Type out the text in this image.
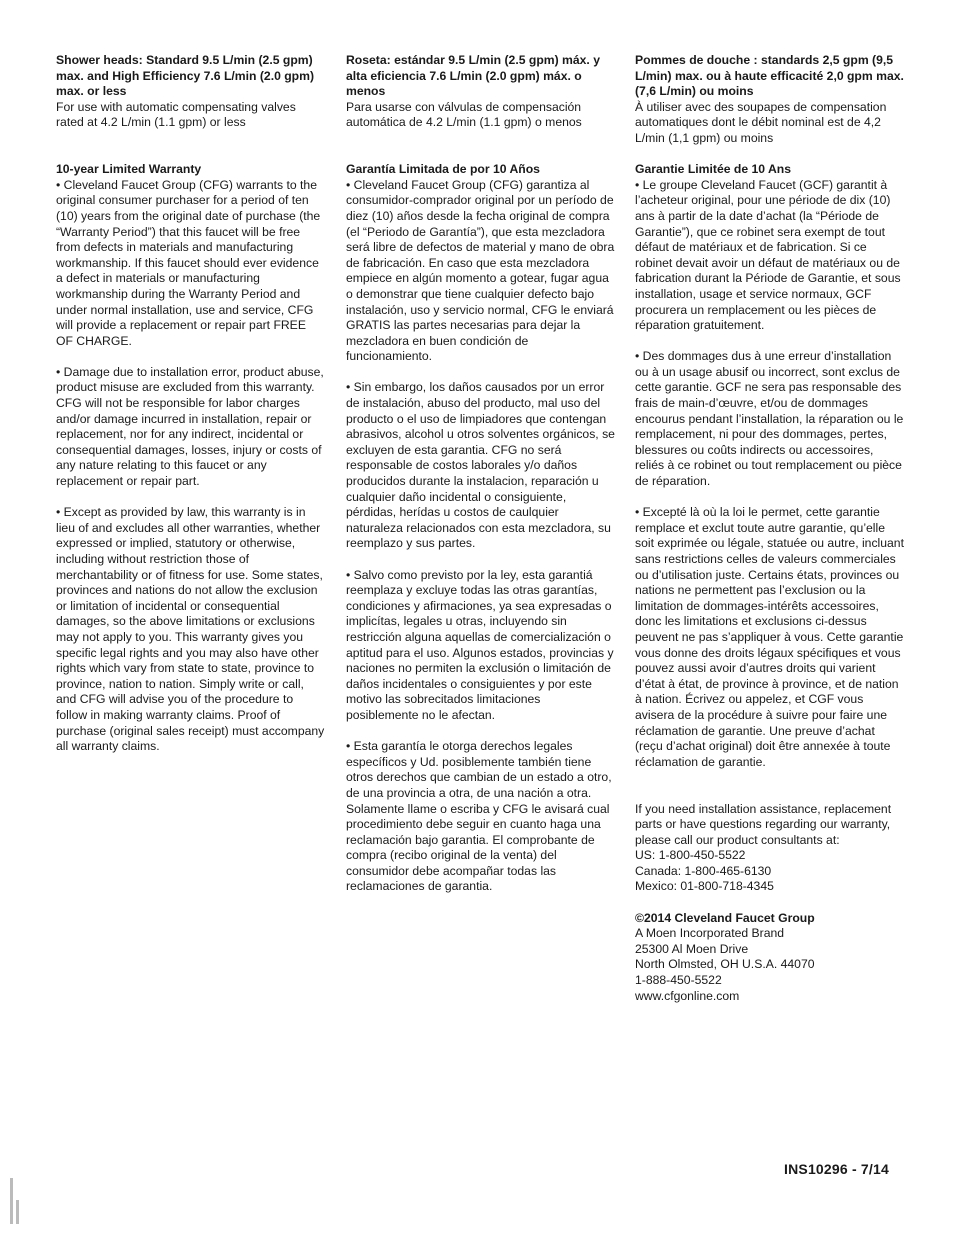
Shower heads: Standard 9.5 L/min (2.5 gpm) max. and High Efficiency 7.6 L/min (2.0 gpm) max. or less
For use with automatic compensating valves rated at 4.2 L/min (1.1 gpm) or less
10-year Limited Warranty
• Cleveland Faucet Group (CFG) warrants to the original consumer purchaser for a period of ten (10) years from the original date of purchase (the “Warranty Period”) that this faucet will be free from defects in materials and manufacturing workmanship. If this faucet should ever evidence a defect in materials or manufacturing workmanship during the Warranty Period and under normal installation, use and service, CFG will provide a replacement or repair part FREE OF CHARGE.
• Damage due to installation error, product abuse, product misuse are excluded from this warranty. CFG will not be responsible for labor charges and/or damage incurred in installation, repair or replacement, nor for any indirect, incidental or consequential damages, losses, injury or costs of any nature relating to this faucet or any replacement or repair part.
• Except as provided by law, this warranty is in lieu of and excludes all other warranties, whether expressed or implied, statutory or otherwise, including without restriction those of merchantability or of fitness for use. Some states, provinces and nations do not allow the exclusion or limitation of incidental or consequential damages, so the above limitations or exclusions may not apply to you. This warranty gives you specific legal rights and you may also have other rights which vary from state to state, province to province, nation to nation. Simply write or call, and CFG will advise you of the procedure to follow in making warranty claims. Proof of purchase (original sales receipt) must accompany all warranty claims.
Roseta: estándar 9.5 L/min (2.5 gpm) máx. y alta eficiencia 7.6 L/min (2.0 gpm) máx. o menos
Para usarse con válvulas de compensación automática de 4.2 L/min (1.1 gpm) o menos
Garantía Limitada de por 10 Años
• Cleveland Faucet Group (CFG) garantiza al consumidor-comprador original por un período de diez (10) años desde la fecha original de compra (el “Periodo de Garantía”), que esta mezcladora será libre de defectos de material y mano de obra de fabricación. En caso que esta mezcladora empiece en algún momento a gotear, fugar agua o demonstrar que tiene cualquier defecto bajo instalación, uso y servicio normal, CFG le enviará GRATIS las partes necesarias para dejar la mezcladora en buen condición de funcionamiento.
• Sin embargo, los daños causados por un error de instalación, abuso del producto, mal uso del producto o el uso de limpiadores que contengan abrasivos, alcohol u otros solventes orgánicos, se excluyen de esta garantia. CFG no será responsable de costos laborales y/o daños producidos durante la instalacion, reparación u cualquier daño incidental o consiguiente, pérdidas, herídas u costos de caulquier naturaleza relacionados con esta mezcladora, su reemplazo y sus partes.
• Salvo como previsto por la ley, esta garantiá reemplaza y excluye todas las otras garantías, condiciones y afirmaciones, ya sea expresadas o implicítas, legales u otras, incluyendo sin restricción alguna aquellas de comercialización o aptitud para el uso. Algunos estados, provincias y naciones no permiten la exclusión o limitación de daños incidentales o consiguientes y por este motivo las sobrecitados limitaciones posiblemente no le afectan.
• Esta garantía le otorga derechos legales específicos y Ud. posiblemente también tiene otros derechos que cambian de un estado a otro, de una provincia a otra, de una nación a otra. Solamente llame o escriba y CFG le avisará cual procedimiento debe seguir en cuanto haga una reclamación bajo garantia. El comprobante de compra (recibo original de la venta) del consumidor debe acompañar todas las reclamaciones de garantia.
Pommes de douche : standards 2,5 gpm (9,5 L/min) max. ou à haute efficacité 2,0 gpm max. (7,6 L/min) ou moins
À utiliser avec des soupapes de compensation automatiques dont le débit nominal est de 4,2 L/min (1,1 gpm) ou moins
Garantie Limitée de 10 Ans
• Le groupe Cleveland Faucet (GCF) garantit à l’acheteur original, pour une période de dix (10) ans à partir de la date d’achat (la “Période de Garantie”), que ce robinet sera exempt de tout défaut de matériaux et de fabrication. Si ce robinet devait avoir un défaut de matériaux ou de fabrication durant la Période de Garantie, et sous installation, usage et service normaux, GCF procurera un remplacement ou les pièces de réparation gratuitement.
• Des dommages dus à une erreur d’installation ou à un usage abusif ou incorrect, sont exclus de cette garantie. GCF ne sera pas responsable des frais de main-d’œuvre, et/ou de dommages encourus pendant l’installation, la réparation ou le remplacement, ni pour des dommages, pertes, blessures ou coûts indirects ou accessoires, reliés à ce robinet ou tout remplacement ou pièce de réparation.
• Excepté là où la loi le permet, cette garantie remplace et exclut toute autre garantie, qu’elle soit exprimée ou légale, statuée ou autre, incluant sans restrictions celles de valeurs commerciales ou d’utilisation juste. Certains états, provinces ou nations ne permettent pas l’exclusion ou la limitation de dommages-intérêts accessoires, donc les limitations et exclusions ci-dessus peuvent ne pas s’appliquer à vous. Cette garantie vous donne des droits légaux spécifiques et vous pouvez aussi avoir d’autres droits qui varient d’état à état, de province à province, et de nation à nation. Écrivez ou appelez, et CGF vous avisera de la procédure à suivre pour faire une réclamation de garantie. Une preuve d’achat (reçu d’achat original) doit être annexée à toute réclamation de garantie.
If you need installation assistance, replacement parts or have questions regarding our warranty, please call our product consultants at:
US: 1-800-450-5522
Canada: 1-800-465-6130
Mexico: 01-800-718-4345
©2014 Cleveland Faucet Group
A Moen Incorporated Brand
25300 Al Moen Drive
North Olmsted, OH U.S.A. 44070
1-888-450-5522
www.cfgonline.com
INS10296 - 7/14
